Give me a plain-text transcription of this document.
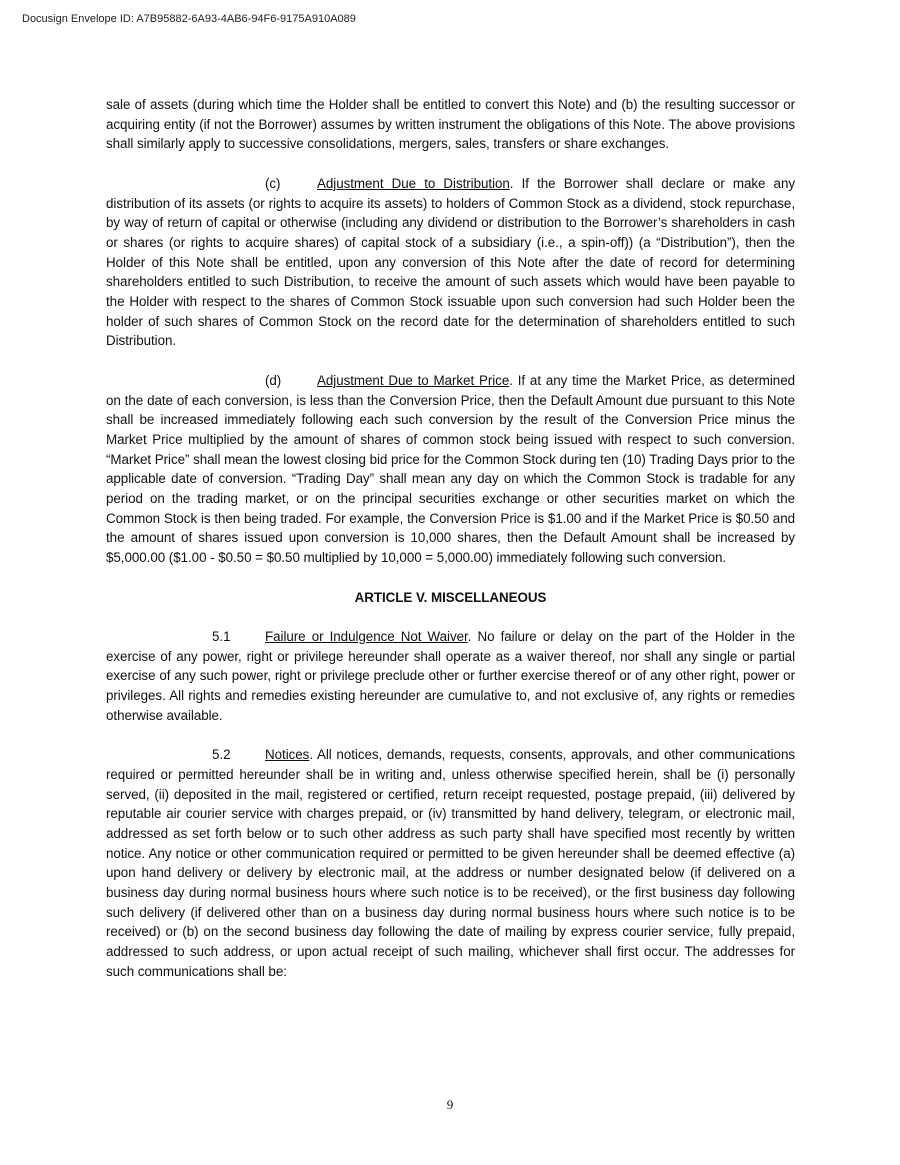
Docusign Envelope ID: A7B95882-6A93-4AB6-94F6-9175A910A089

sale of assets (during which time the Holder shall be entitled to convert this Note) and (b) the resulting successor or acquiring entity (if not the Borrower) assumes by written instrument the obligations of this Note. The above provisions shall similarly apply to successive consolidations, mergers, sales, transfers or share exchanges.

(c)	Adjustment Due to Distribution. If the Borrower shall declare or make any distribution of its assets (or rights to acquire its assets) to holders of Common Stock as a dividend, stock repurchase, by way of return of capital or otherwise (including any dividend or distribution to the Borrower’s shareholders in cash or shares (or rights to acquire shares) of capital stock of a subsidiary (i.e., a spin-off)) (a “Distribution”), then the Holder of this Note shall be entitled, upon any conversion of this Note after the date of record for determining shareholders entitled to such Distribution, to receive the amount of such assets which would have been payable to the Holder with respect to the shares of Common Stock issuable upon such conversion had such Holder been the holder of such shares of Common Stock on the record date for the determination of shareholders entitled to such Distribution.

(d)	Adjustment Due to Market Price. If at any time the Market Price, as determined on the date of each conversion, is less than the Conversion Price, then the Default Amount due pursuant to this Note shall be increased immediately following each such conversion by the result of the Conversion Price minus the Market Price multiplied by the amount of shares of common stock being issued with respect to such conversion. “Market Price” shall mean the lowest closing bid price for the Common Stock during ten (10) Trading Days prior to the applicable date of conversion. “Trading Day” shall mean any day on which the Common Stock is tradable for any period on the trading market, or on the principal securities exchange or other securities market on which the Common Stock is then being traded. For example, the Conversion Price is $1.00 and if the Market Price is $0.50 and the amount of shares issued upon conversion is 10,000 shares, then the Default Amount shall be increased by $5,000.00 ($1.00 - $0.50 = $0.50 multiplied by 10,000 = 5,000.00) immediately following such conversion.

ARTICLE V. MISCELLANEOUS

5.1	Failure or Indulgence Not Waiver. No failure or delay on the part of the Holder in the exercise of any power, right or privilege hereunder shall operate as a waiver thereof, nor shall any single or partial exercise of any such power, right or privilege preclude other or further exercise thereof or of any other right, power or privileges. All rights and remedies existing hereunder are cumulative to, and not exclusive of, any rights or remedies otherwise available.

5.2	Notices. All notices, demands, requests, consents, approvals, and other communications required or permitted hereunder shall be in writing and, unless otherwise specified herein, shall be (i) personally served, (ii) deposited in the mail, registered or certified, return receipt requested, postage prepaid, (iii) delivered by reputable air courier service with charges prepaid, or (iv) transmitted by hand delivery, telegram, or electronic mail, addressed as set forth below or to such other address as such party shall have specified most recently by written notice. Any notice or other communication required or permitted to be given hereunder shall be deemed effective (a) upon hand delivery or delivery by electronic mail, at the address or number designated below (if delivered on a business day during normal business hours where such notice is to be received), or the first business day following such delivery (if delivered other than on a business day during normal business hours where such notice is to be received) or (b) on the second business day following the date of mailing by express courier service, fully prepaid, addressed to such address, or upon actual receipt of such mailing, whichever shall first occur. The addresses for such communications shall be:

9
